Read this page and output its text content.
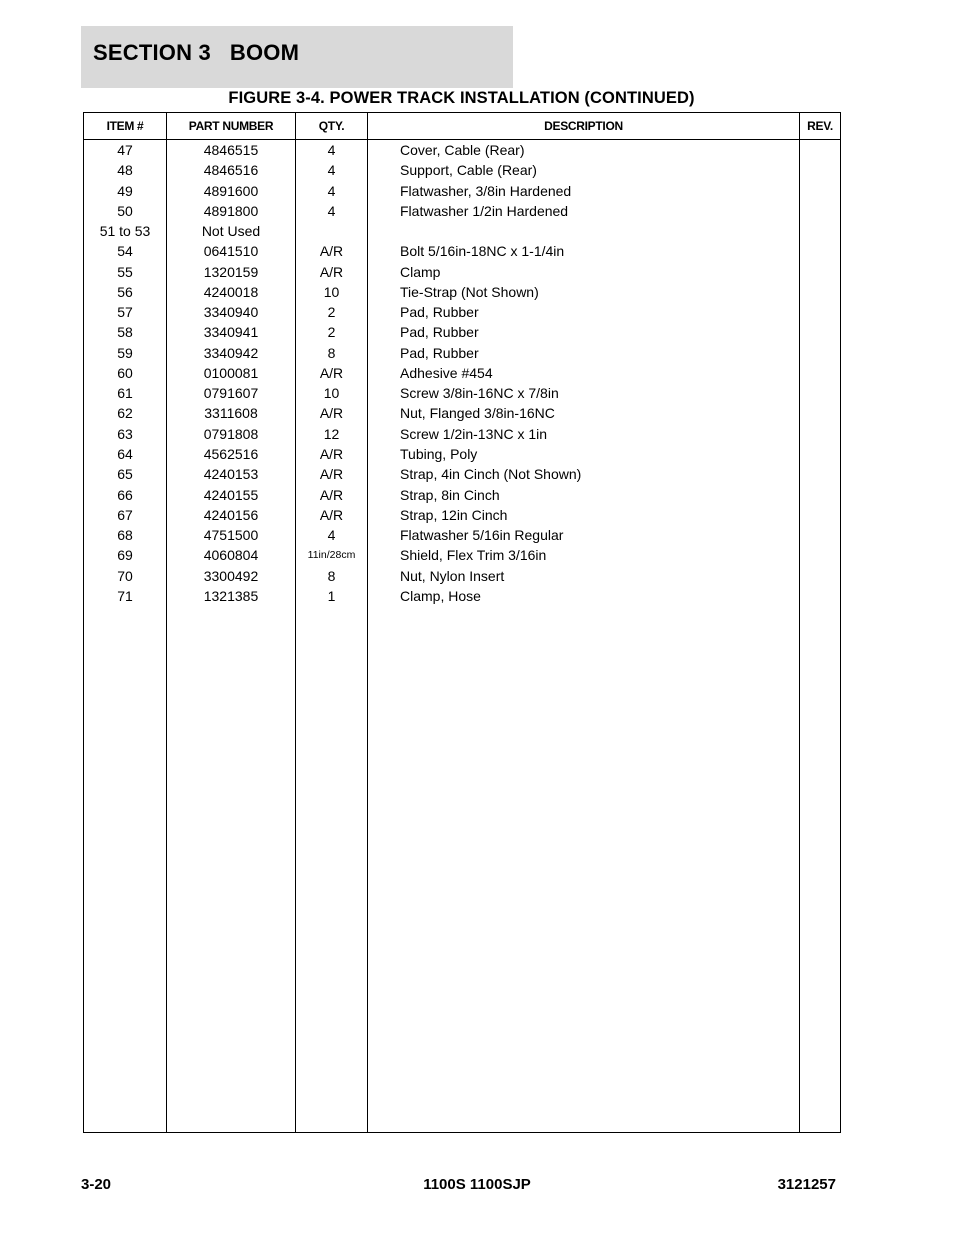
SECTION 3   BOOM
FIGURE 3-4. POWER TRACK INSTALLATION (CONTINUED)
ITEM #	PART NUMBER	QTY.	DESCRIPTION	REV.
47	4846515	4	Cover, Cable (Rear)
48	4846516	4	Support, Cable (Rear)
49	4891600	4	Flatwasher, 3/8in Hardened
50	4891800	4	Flatwasher 1/2in Hardened
51 to 53	Not Used
54	0641510	A/R	Bolt 5/16in-18NC x 1-1/4in
55	1320159	A/R	Clamp
56	4240018	10	Tie-Strap (Not Shown)
57	3340940	2	Pad, Rubber
58	3340941	2	Pad, Rubber
59	3340942	8	Pad, Rubber
60	0100081	A/R	Adhesive #454
61	0791607	10	Screw 3/8in-16NC x 7/8in
62	3311608	A/R	Nut, Flanged 3/8in-16NC
63	0791808	12	Screw 1/2in-13NC x 1in
64	4562516	A/R	Tubing, Poly
65	4240153	A/R	Strap, 4in Cinch (Not Shown)
66	4240155	A/R	Strap, 8in Cinch
67	4240156	A/R	Strap, 12in Cinch
68	4751500	4	Flatwasher 5/16in Regular
69	4060804	11in/28cm	Shield, Flex Trim 3/16in
70	3300492	8	Nut, Nylon Insert
71	1321385	1	Clamp, Hose
3-20	1100S 1100SJP	3121257
